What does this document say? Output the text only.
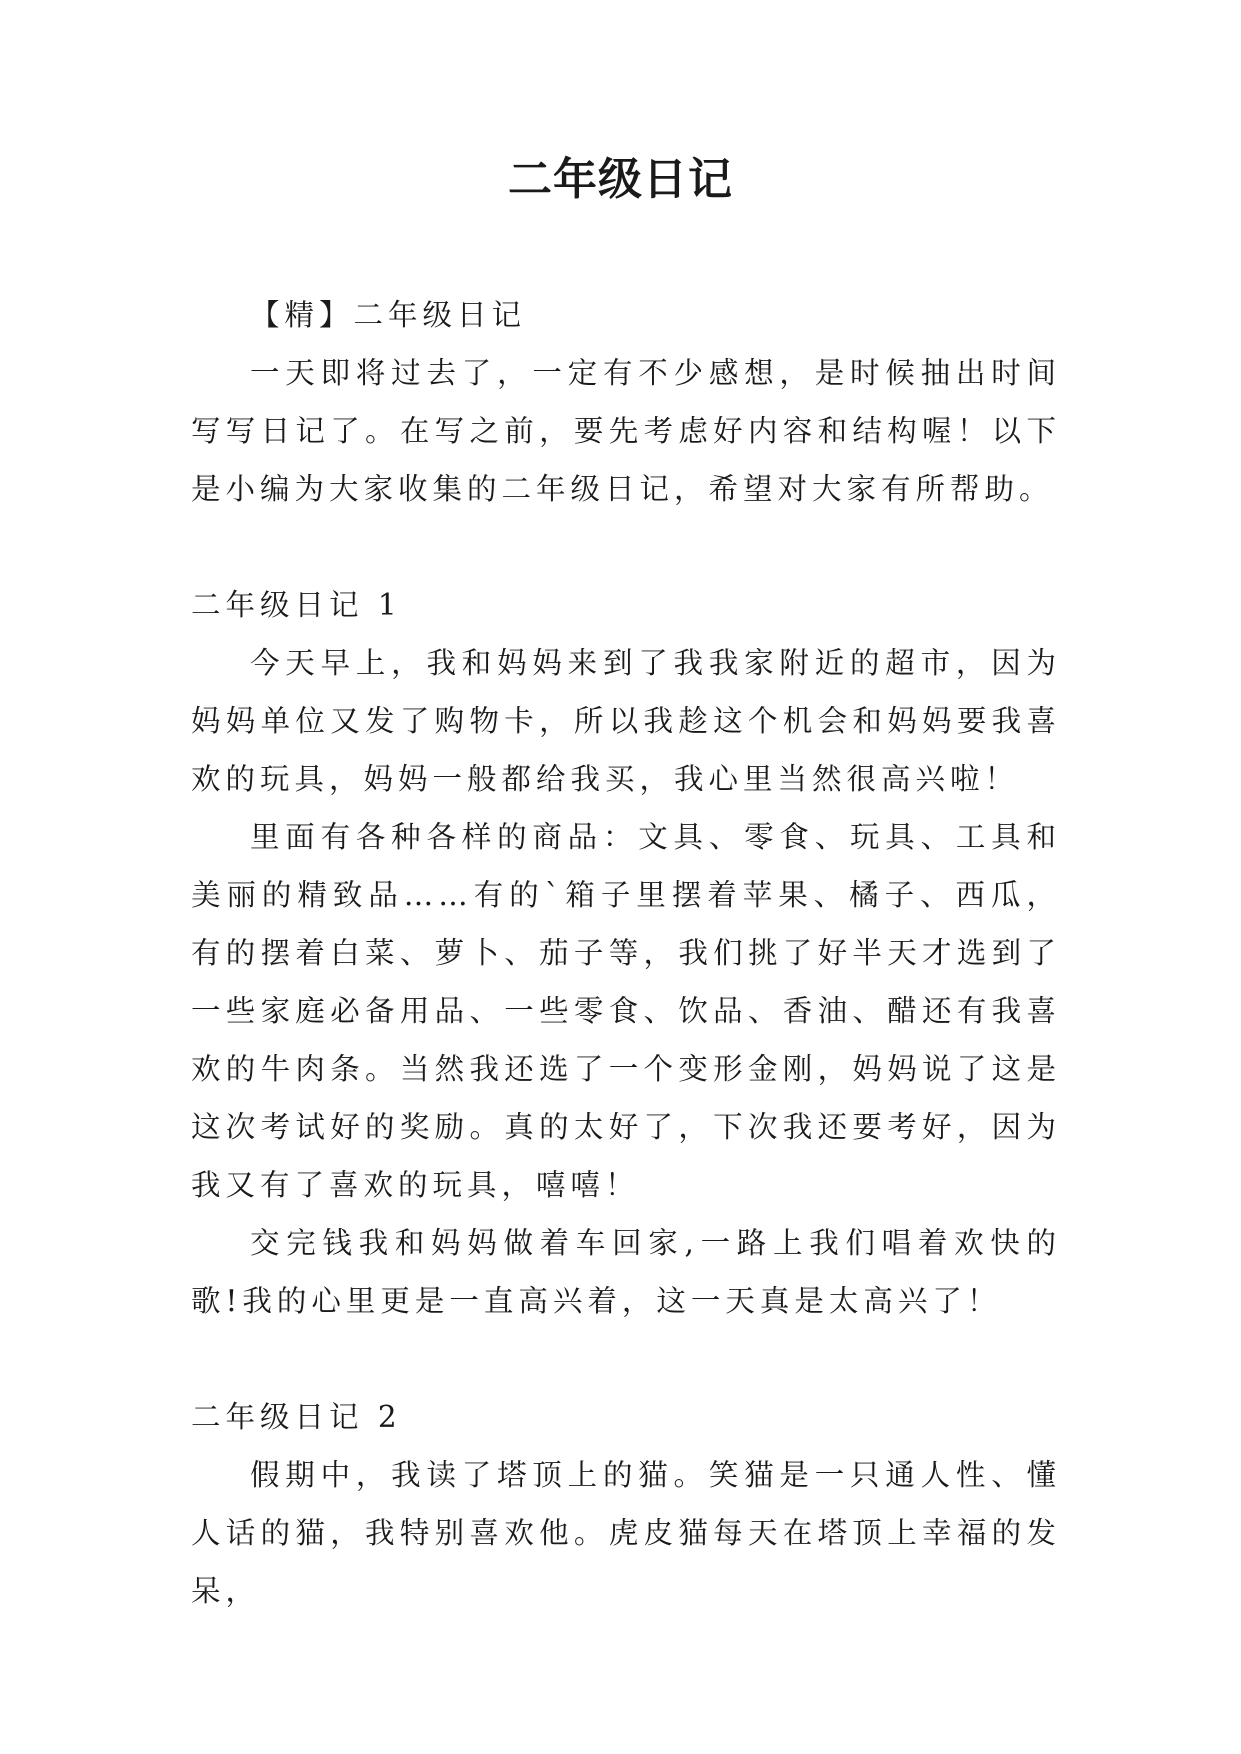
二年级日记

【精】二年级日记

一天即将过去了，一定有不少感想，是时候抽出时间写写日记了。在写之前，要先考虑好内容和结构喔！以下是小编为大家收集的二年级日记，希望对大家有所帮助。

二年级日记 1

今天早上，我和妈妈来到了我我家附近的超市，因为妈妈单位又发了购物卡，所以我趁这个机会和妈妈要我喜欢的玩具，妈妈一般都给我买，我心里当然很高兴啦！

里面有各种各样的商品：文具、零食、玩具、工具和美丽的精致品……有的`箱子里摆着苹果、橘子、西瓜，有的摆着白菜、萝卜、茄子等，我们挑了好半天才选到了一些家庭必备用品、一些零食、饮品、香油、醋还有我喜欢的牛肉条。当然我还选了一个变形金刚，妈妈说了这是这次考试好的奖励。真的太好了，下次我还要考好，因为我又有了喜欢的玩具，嘻嘻！

交完钱我和妈妈做着车回家,一路上我们唱着欢快的歌!我的心里更是一直高兴着，这一天真是太高兴了！

二年级日记 2

假期中，我读了塔顶上的猫。笑猫是一只通人性、懂人话的猫，我特别喜欢他。虎皮猫每天在塔顶上幸福的发呆，
